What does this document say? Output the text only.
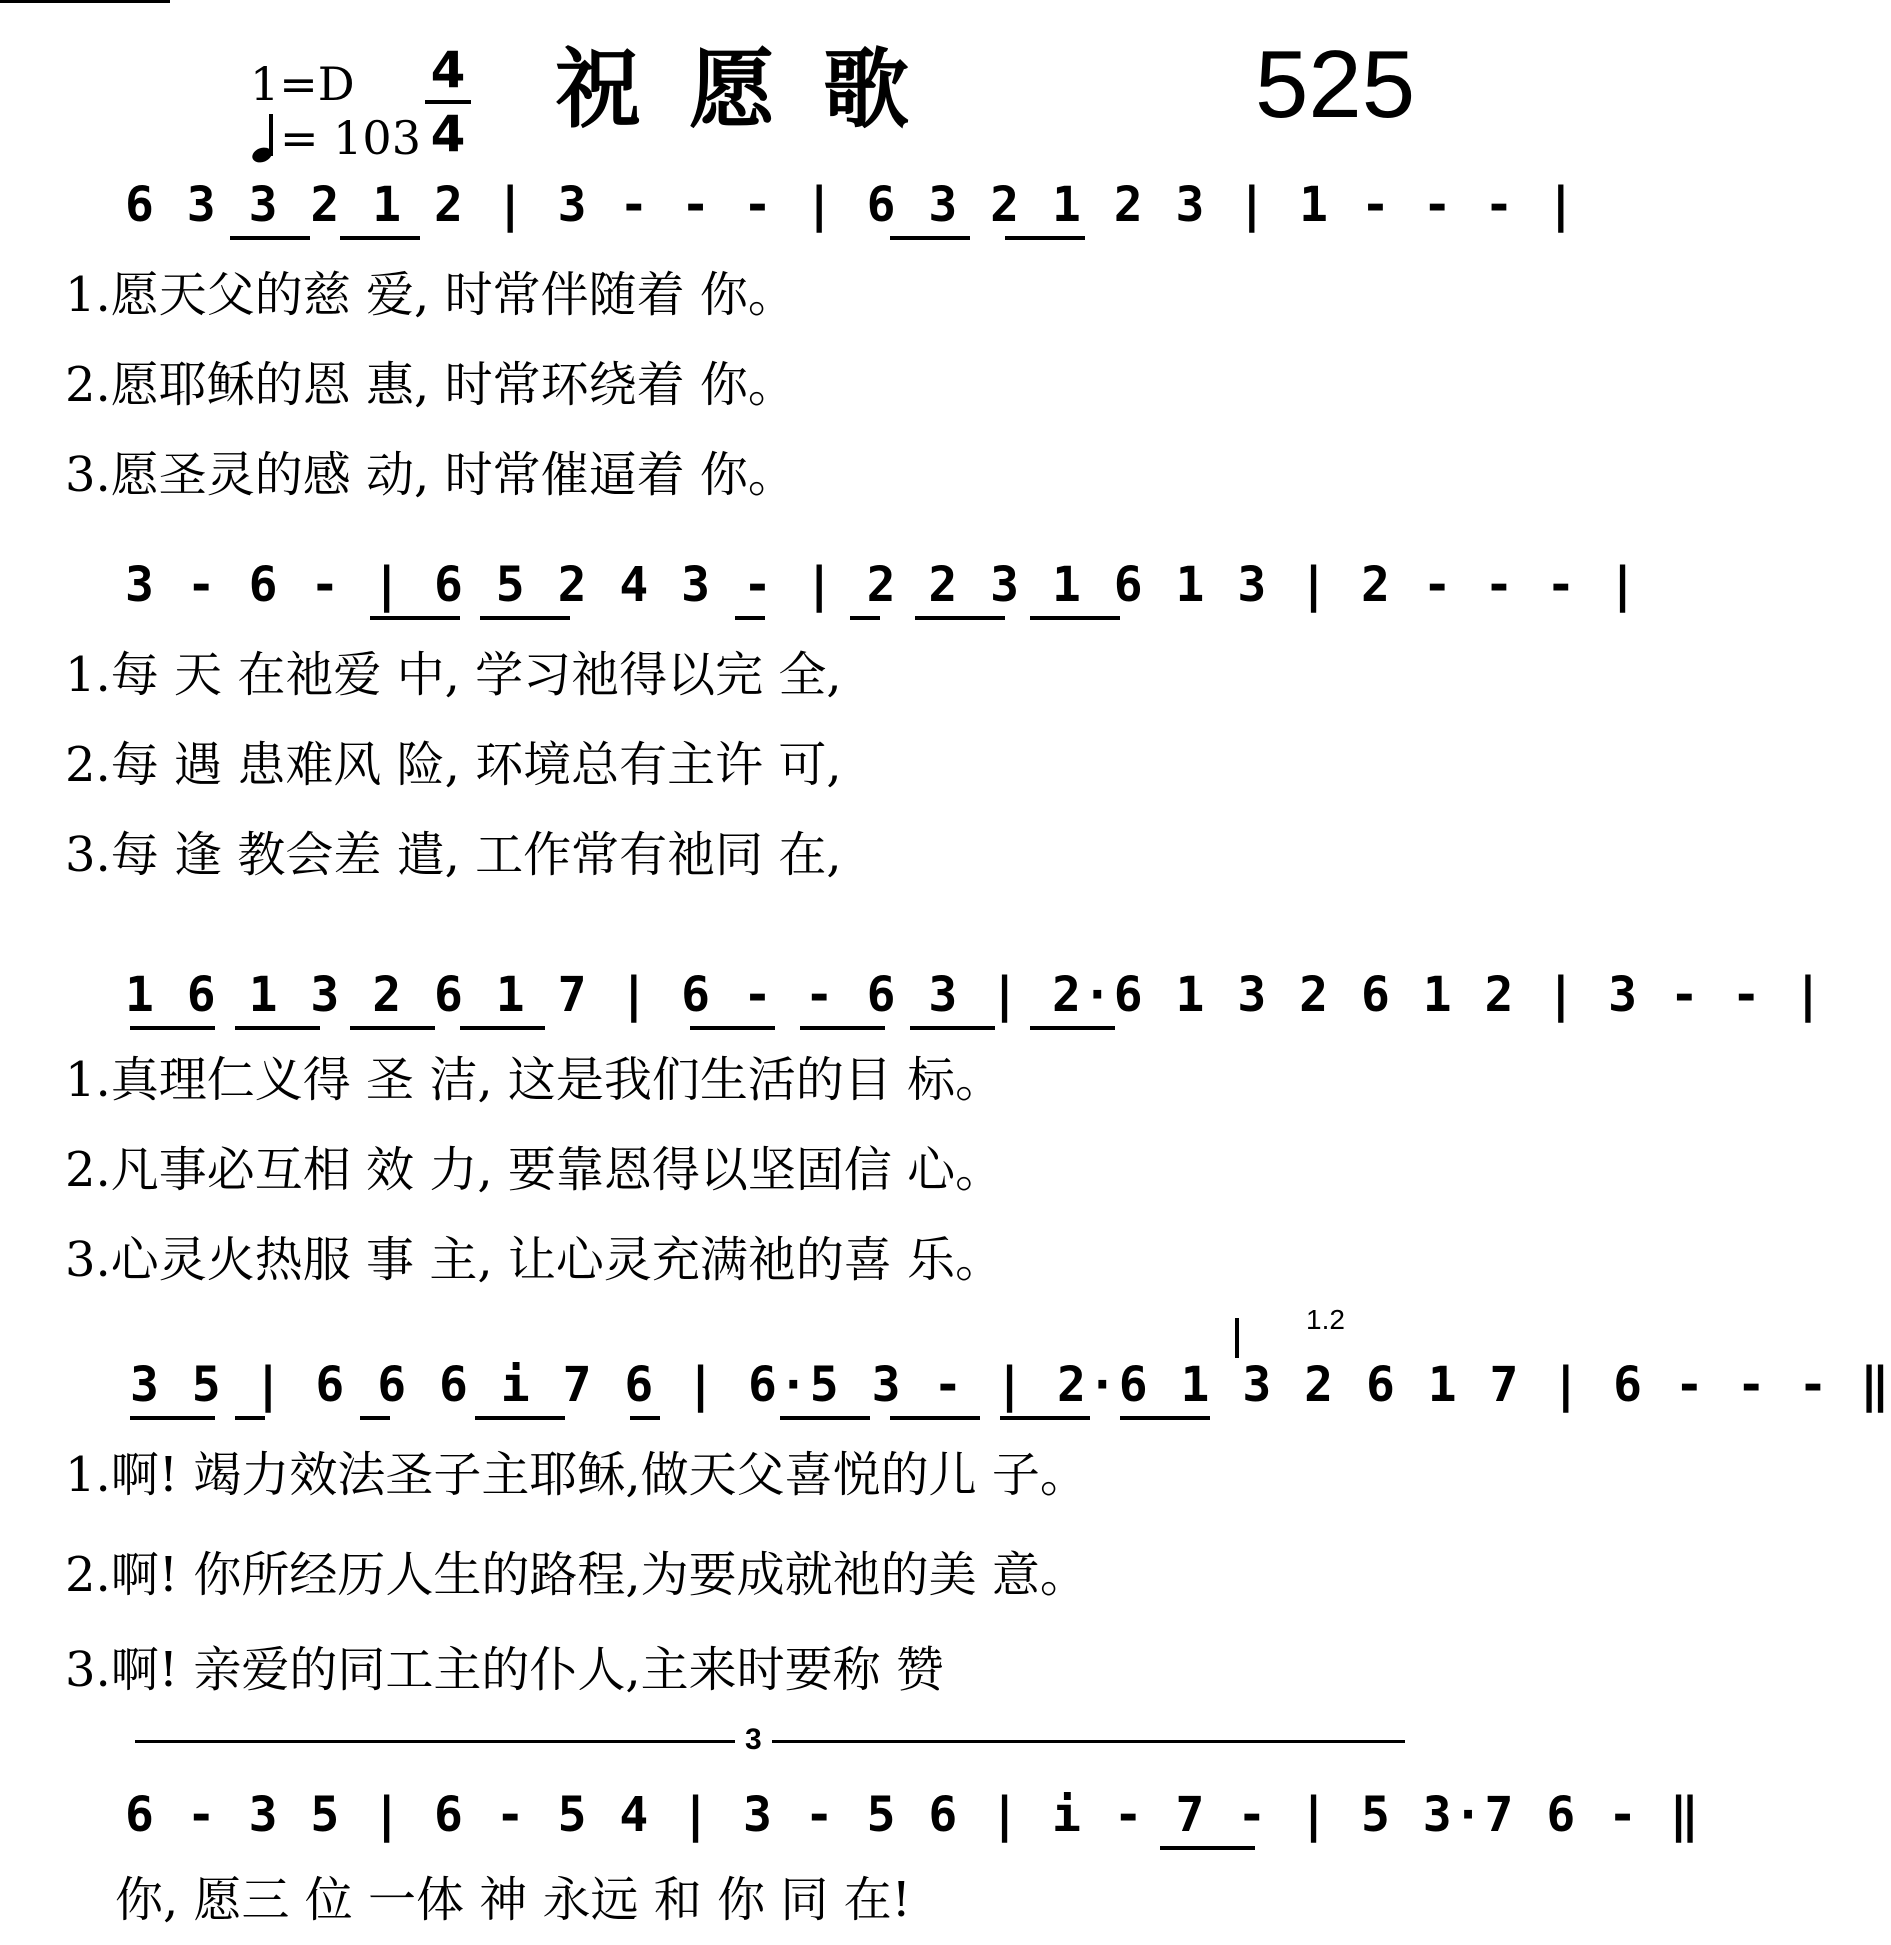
1=D
= 103
4
4 祝愿歌	525
6 3 3 2 1 2 | 3 - - - | 6 3 2 1 2 3 | 1 - - - |
1.愿天父的慈 爱, 时常伴随着 你。
2.愿耶稣的恩 惠, 时常环绕着 你。
3.愿圣灵的感 动, 时常催逼着 你。
3 - 6 - | 6 5 2 4 3 - | 2 2 3 1 6 1 3 | 2 - - - |
1.每 天 在祂爱 中, 学习祂得以完 全,
2.每 遇 患难风 险, 环境总有主许 可,
3.每 逢 教会差 遣, 工作常有祂同 在,
1 6 1 3 2 6 1 7 | 6 - - 6 3 | 2·6 1 3 2 6 1 2 | 3 - - |
1.真理仁义得 圣 洁, 这是我们生活的目 标。
2.凡事必互相 效 力, 要靠恩得以坚固信 心。
3.心灵火热服 事 主, 让心灵充满祂的喜 乐。
1.2
3 5 | 6 6 6 i 7 6 | 6·5 3 - | 2·6 1 3 2 6 1 7 | 6 - - - ‖
1.啊! 竭力效法圣子主耶稣,做天父喜悦的儿 子。
2.啊! 你所经历人生的路程,为要成就祂的美 意。
3.啊! 亲爱的同工主的仆人,主来时要称 赞
3
6 - 3 5 | 6 - 5 4 | 3 - 5 6 | i - 7 - | 5 3·7 6 - ‖
你, 愿三 位 一体 神 永远 和 你 同 在!
